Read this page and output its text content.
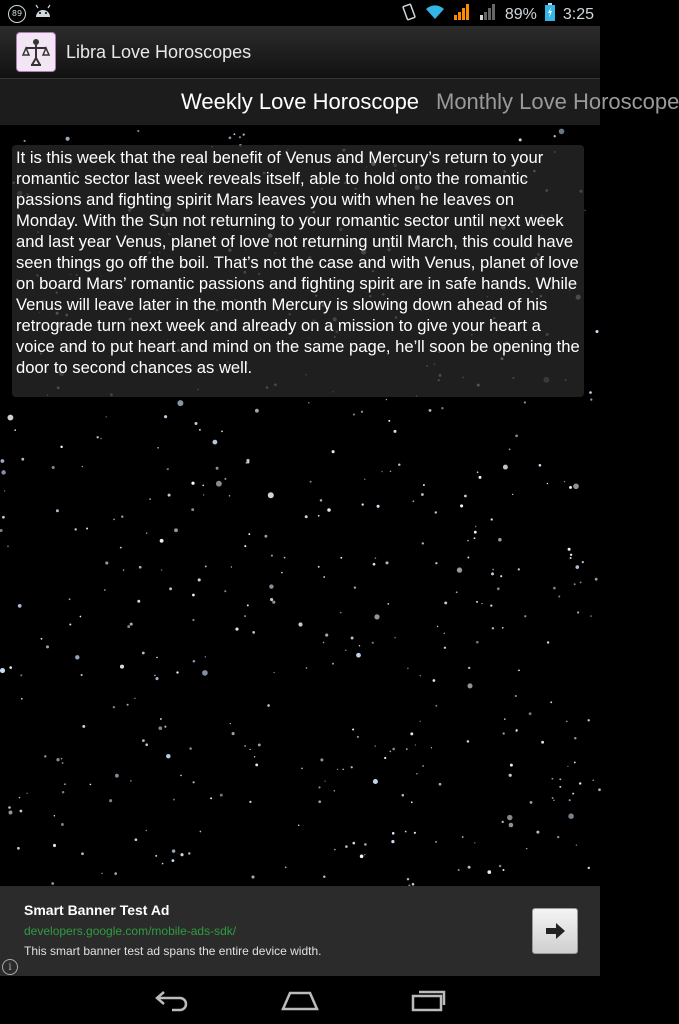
89	89% 3:25
Libra Love Horoscopes
Weekly Love Horoscope Monthly Love Horoscope

It is this week that the real benefit of Venus and Mercury’s return to your romantic sector last week reveals itself, able to hold onto the romantic passions and fighting spirit Mars leaves you with when he leaves on Monday. With the Sun not returning to your romantic sector until next week and last year Venus, planet of love not returning until March, this could have seen things go off the boil. That’s not the case and with Venus, planet of love on board Mars’ romantic passions and fighting spirit are in safe hands. While Venus will leave later in the month Mercury is slowing down ahead of his retrograde turn next week and already on a mission to give your heart a voice and to put heart and mind on the same page, he’ll soon be opening the door to second chances as well.

Smart Banner Test Ad
developers.google.com/mobile-ads-sdk/
This smart banner test ad spans the entire device width.
i
